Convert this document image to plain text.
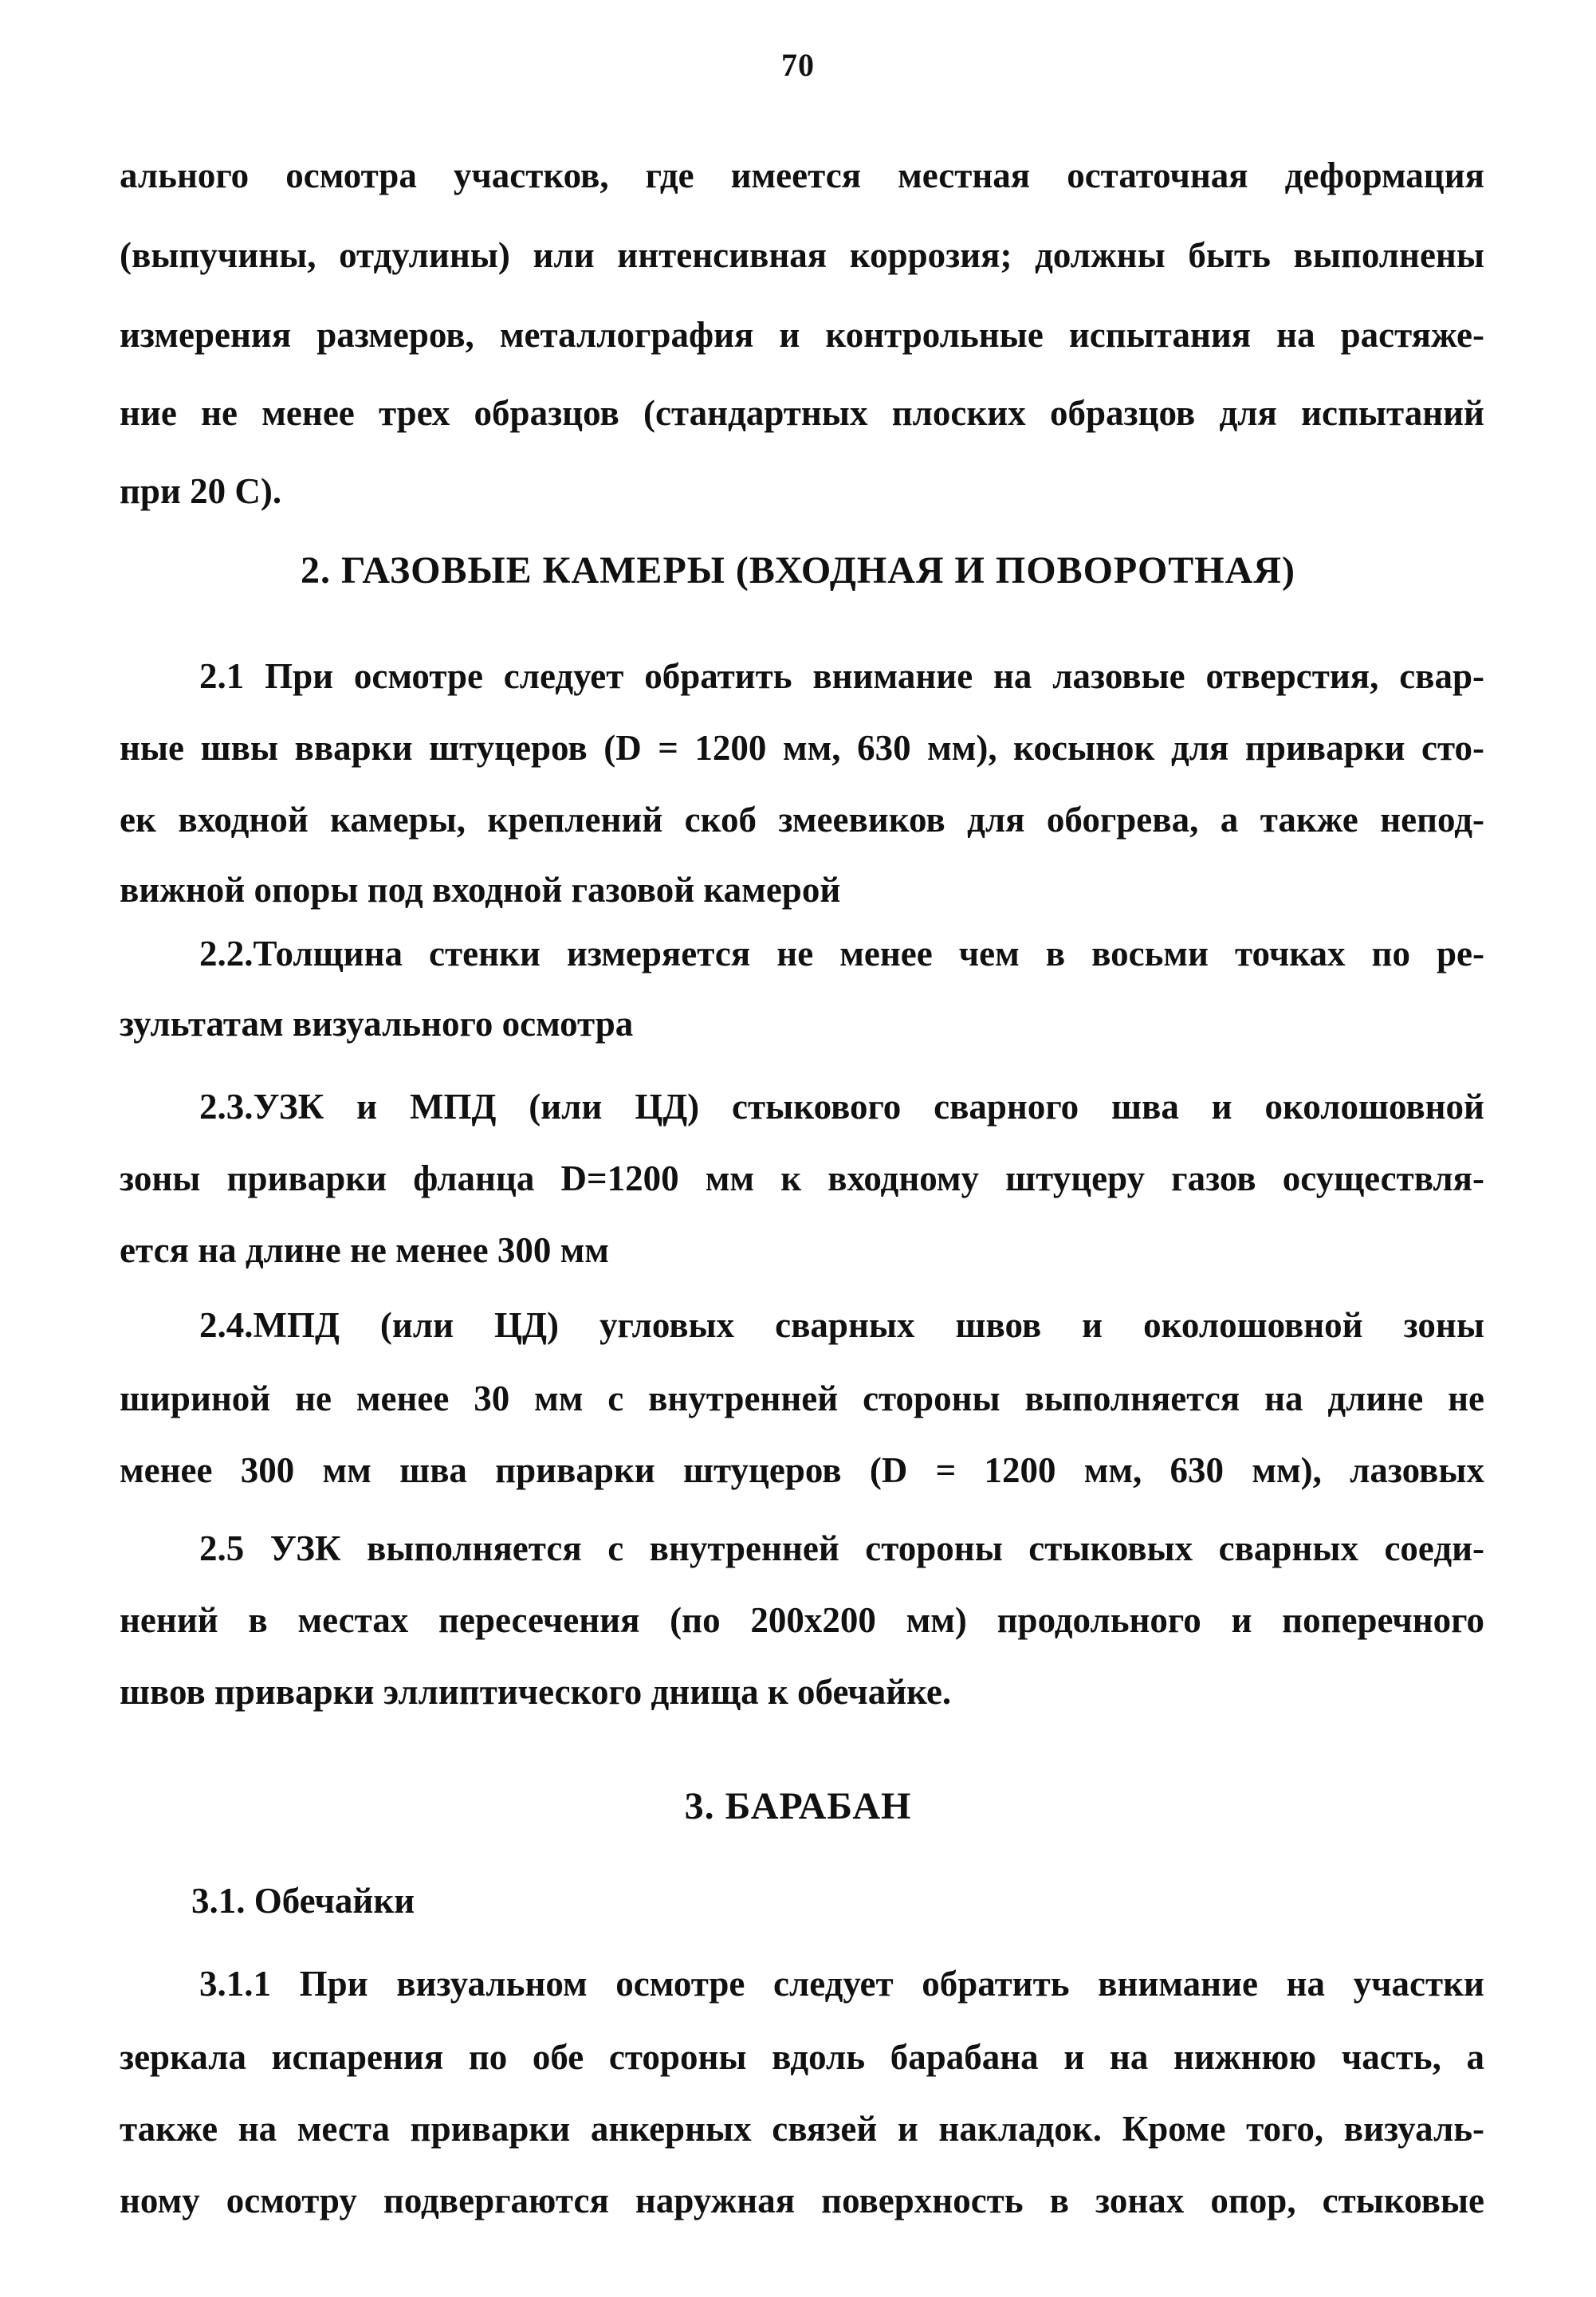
70
ального осмотра участков, где имеется местная остаточная деформация
(выпучины, отдулины) или интенсивная коррозия; должны быть выполнены
измерения размеров, металлография и контрольные испытания на растяже-
ние не менее трех образцов (стандартных плоских образцов для испытаний
при 20 С).
2. ГАЗОВЫЕ КАМЕРЫ (ВХОДНАЯ И ПОВОРОТНАЯ)
2.1 При осмотре следует обратить внимание на лазовые отверстия, свар-
ные швы вварки штуцеров (D = 1200 мм, 630 мм), косынок для приварки сто-
ек входной камеры, креплений скоб змеевиков для обогрева, а также непод-
вижной опоры под входной газовой камерой
2.2.Толщина стенки измеряется не менее чем в восьми точках по ре-
зультатам визуального осмотра
2.3.УЗК и МПД (или ЦД) стыкового сварного шва и околошовной
зоны приварки фланца D=1200 мм к входному штуцеру газов осуществля-
ется на длине не менее 300 мм
2.4.МПД (или ЦД) угловых сварных швов и околошовной зоны
шириной не менее 30 мм с внутренней стороны выполняется на длине не
менее 300 мм шва приварки штуцеров (D = 1200 мм, 630 мм), лазовых
2.5 УЗК выполняется с внутренней стороны стыковых сварных соеди-
нений в местах пересечения (по 200х200 мм) продольного и поперечного
швов приварки эллиптического днища к обечайке.
3. БАРАБАН
3.1. Обечайки
3.1.1 При визуальном осмотре следует обратить внимание на участки
зеркала испарения по обе стороны вдоль барабана и на нижнюю часть, а
также на места приварки анкерных связей и накладок. Кроме того, визуаль-
ному осмотру подвергаются наружная поверхность в зонах опор, стыковые
